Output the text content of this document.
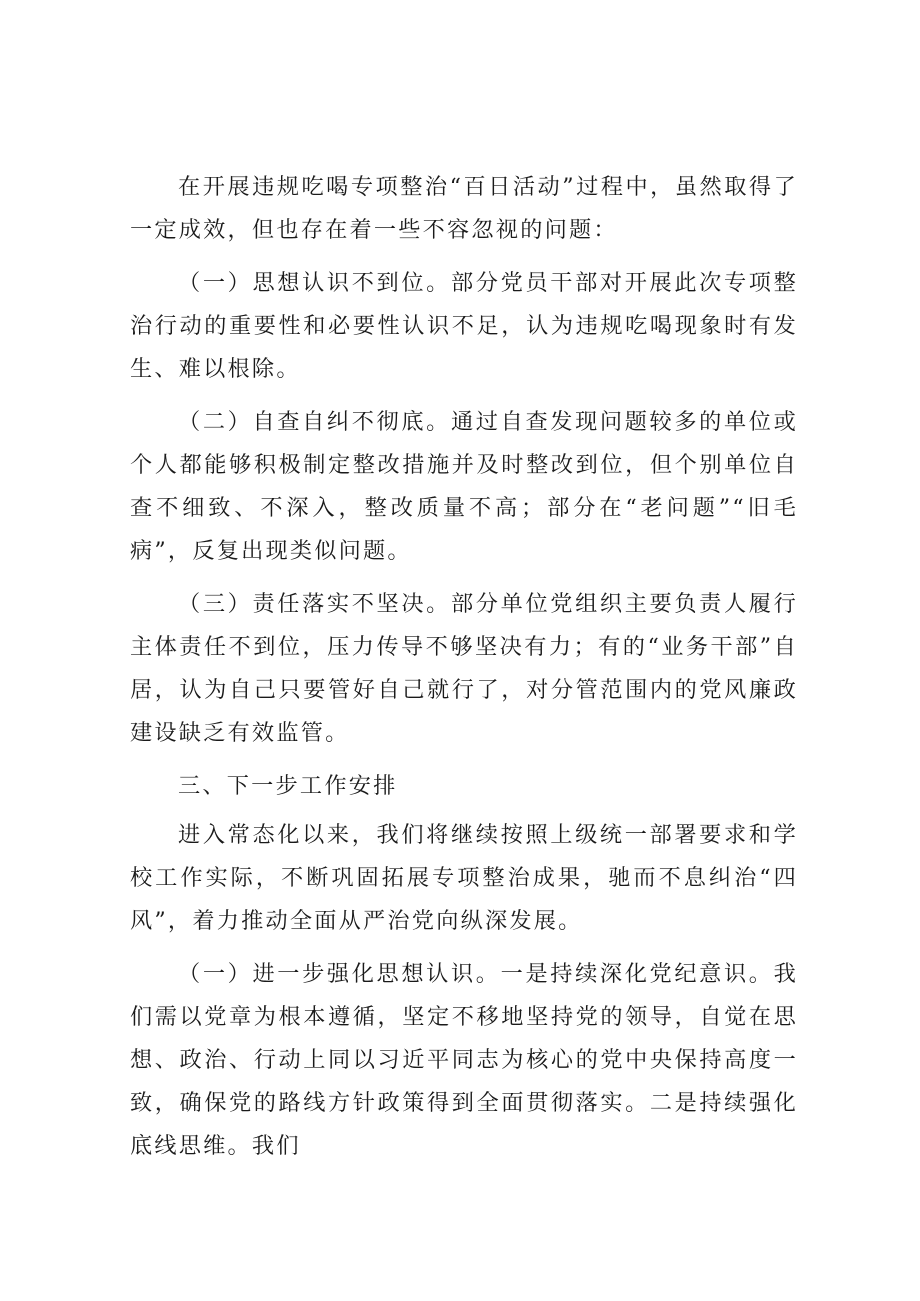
在开展违规吃喝专项整治“百日活动”过程中，虽然取得了一定成效，但也存在着一些不容忽视的问题：

（一）思想认识不到位。部分党员干部对开展此次专项整治行动的重要性和必要性认识不足，认为违规吃喝现象时有发生、难以根除。

（二）自查自纠不彻底。通过自查发现问题较多的单位或个人都能够积极制定整改措施并及时整改到位，但个别单位自查不细致、不深入，整改质量不高；部分在“老问题”“旧毛病”，反复出现类似问题。

（三）责任落实不坚决。部分单位党组织主要负责人履行主体责任不到位，压力传导不够坚决有力；有的“业务干部”自居，认为自己只要管好自己就行了，对分管范围内的党风廉政建设缺乏有效监管。

三、下一步工作安排

进入常态化以来，我们将继续按照上级统一部署要求和学校工作实际，不断巩固拓展专项整治成果，驰而不息纠治“四风”，着力推动全面从严治党向纵深发展。

（一）进一步强化思想认识。一是持续深化党纪意识。我们需以党章为根本遵循，坚定不移地坚持党的领导，自觉在思想、政治、行动上同以习近平同志为核心的党中央保持高度一致，确保党的路线方针政策得到全面贯彻落实。二是持续强化底线思维。我们
